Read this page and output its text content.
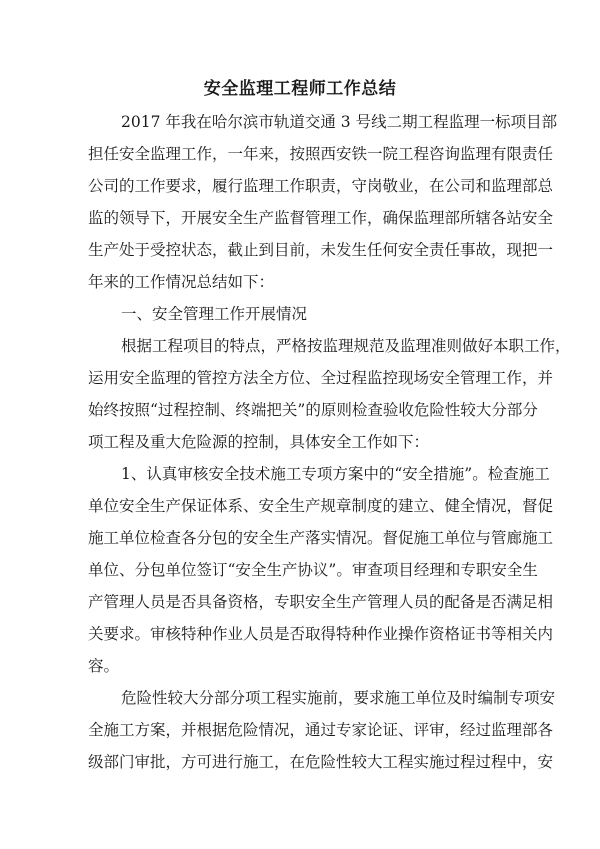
安全监理工程师工作总结
2017 年我在哈尔滨市轨道交通 3 号线二期工程监理一标项目部
担任安全监理工作，一年来，按照西安铁一院工程咨询监理有限责任
公司的工作要求，履行监理工作职责，守岗敬业，在公司和监理部总
监的领导下，开展安全生产监督管理工作，确保监理部所辖各站安全
生产处于受控状态，截止到目前，未发生任何安全责任事故，现把一
年来的工作情况总结如下：
一、安全管理工作开展情况
根据工程项目的特点，严格按监理规范及监理准则做好本职工作，
运用安全监理的管控方法全方位、全过程监控现场安全管理工作，并
始终按照“过程控制、终端把关”的原则检查验收危险性较大分部分
项工程及重大危险源的控制，具体安全工作如下：
1、认真审核安全技术施工专项方案中的“安全措施”。检查施工
单位安全生产保证体系、安全生产规章制度的建立、健全情况，督促
施工单位检查各分包的安全生产落实情况。督促施工单位与管廊施工
单位、分包单位签订“安全生产协议”。审查项目经理和专职安全生
产管理人员是否具备资格，专职安全生产管理人员的配备是否满足相
关要求。审核特种作业人员是否取得特种作业操作资格证书等相关内
容。
危险性较大分部分项工程实施前，要求施工单位及时编制专项安
全施工方案，并根据危险情况，通过专家论证、评审，经过监理部各
级部门审批，方可进行施工，在危险性较大工程实施过程过程中，安
